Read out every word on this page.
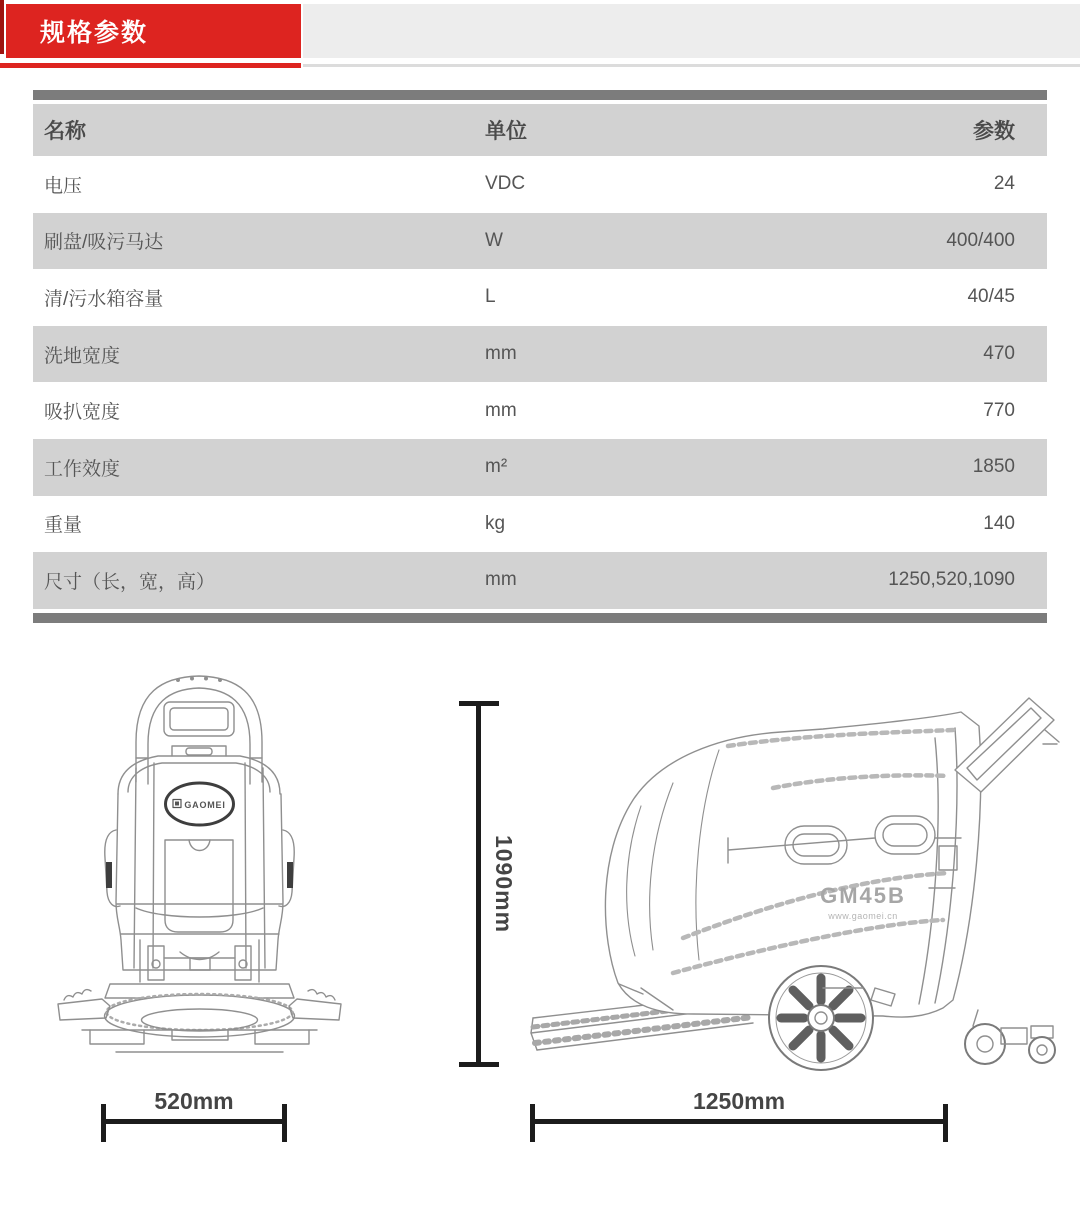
规格参数
名称	单位	参数
电压	VDC	24
刷盘/吸污马达	W	400/400
清/污水箱容量	L	40/45
洗地宽度	mm	470
吸扒宽度	mm	770
工作效度	m²	1850
重量	kg	140
尺寸（长，宽，高）	mm	1250,520,1090
GAOMEI
GM45B
www.gaomei.cn
1090mm
520mm	1250mm
